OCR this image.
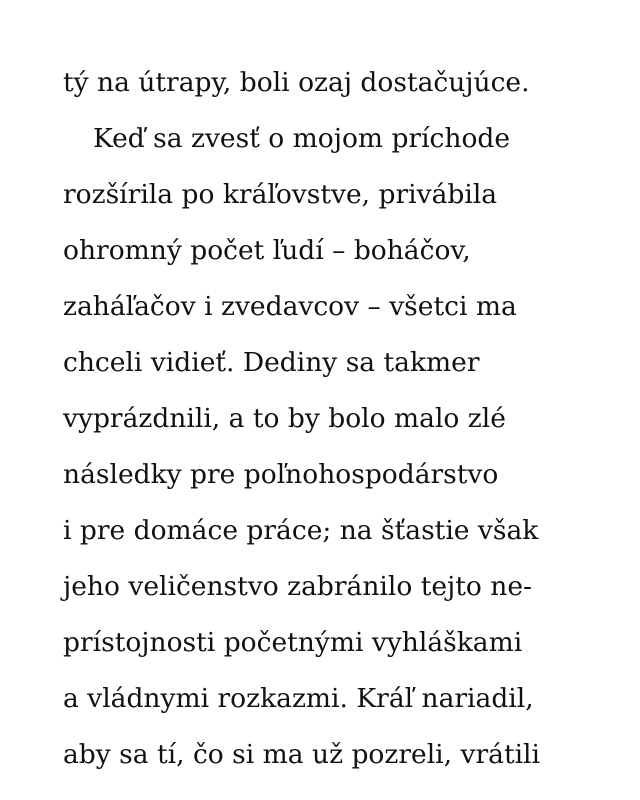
tý na útrapy, boli ozaj dostačujúce.
Keď sa zvesť o mojom príchode
rozšírila po kráľovstve, privábila
ohromný počet ľudí – boháčov,
zaháľačov i zvedavcov – všetci ma
chceli vidieť. Dediny sa takmer
vyprázdnili, a to by bolo malo zlé
následky pre poľnohospodárstvo
i pre domáce práce; na šťastie však
jeho veličenstvo zabránilo tejto ne-
prístojnosti početnými vyhláškami
a vládnymi rozkazmi. Kráľ nariadil,
aby sa tí, čo si ma už pozreli, vrátili
